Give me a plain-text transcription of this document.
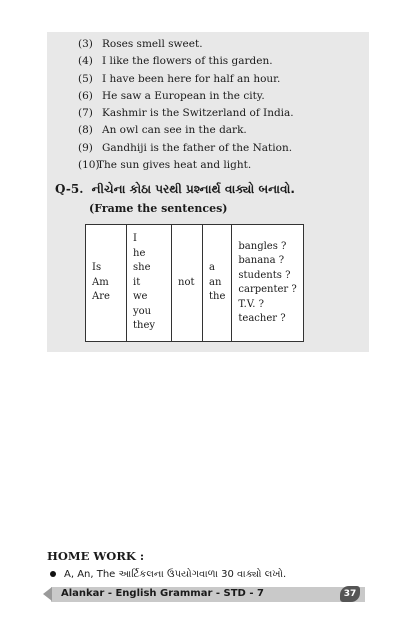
(3) Roses smell sweet.
(4) I like the flowers of this garden.
(5) I have been here for half an hour.
(6) He saw a European in the city.
(7) Kashmir is the Switzerland of India.
(8) An owl can see in the dark.
(9) Gandhiji is the father of the Nation.
(10)
The sun gives heat and light.
Q-5. નીચેના કોઠા પરથી પ્રશ્નાર્થ વાક્યો બનાવો.
(Frame the sentences)
Is
Am
Are

I
he
she
it
we
you
they

not

a
an
the

bangles ?
banana ?
students ?
carpenter ?
T.V. ?
teacher ?
HOME WORK :
A, An, The આર્ટિકલના ઉપયોગવાળા 30 વાક્યો લખો.
Alankar - English Grammar - STD - 7	37
